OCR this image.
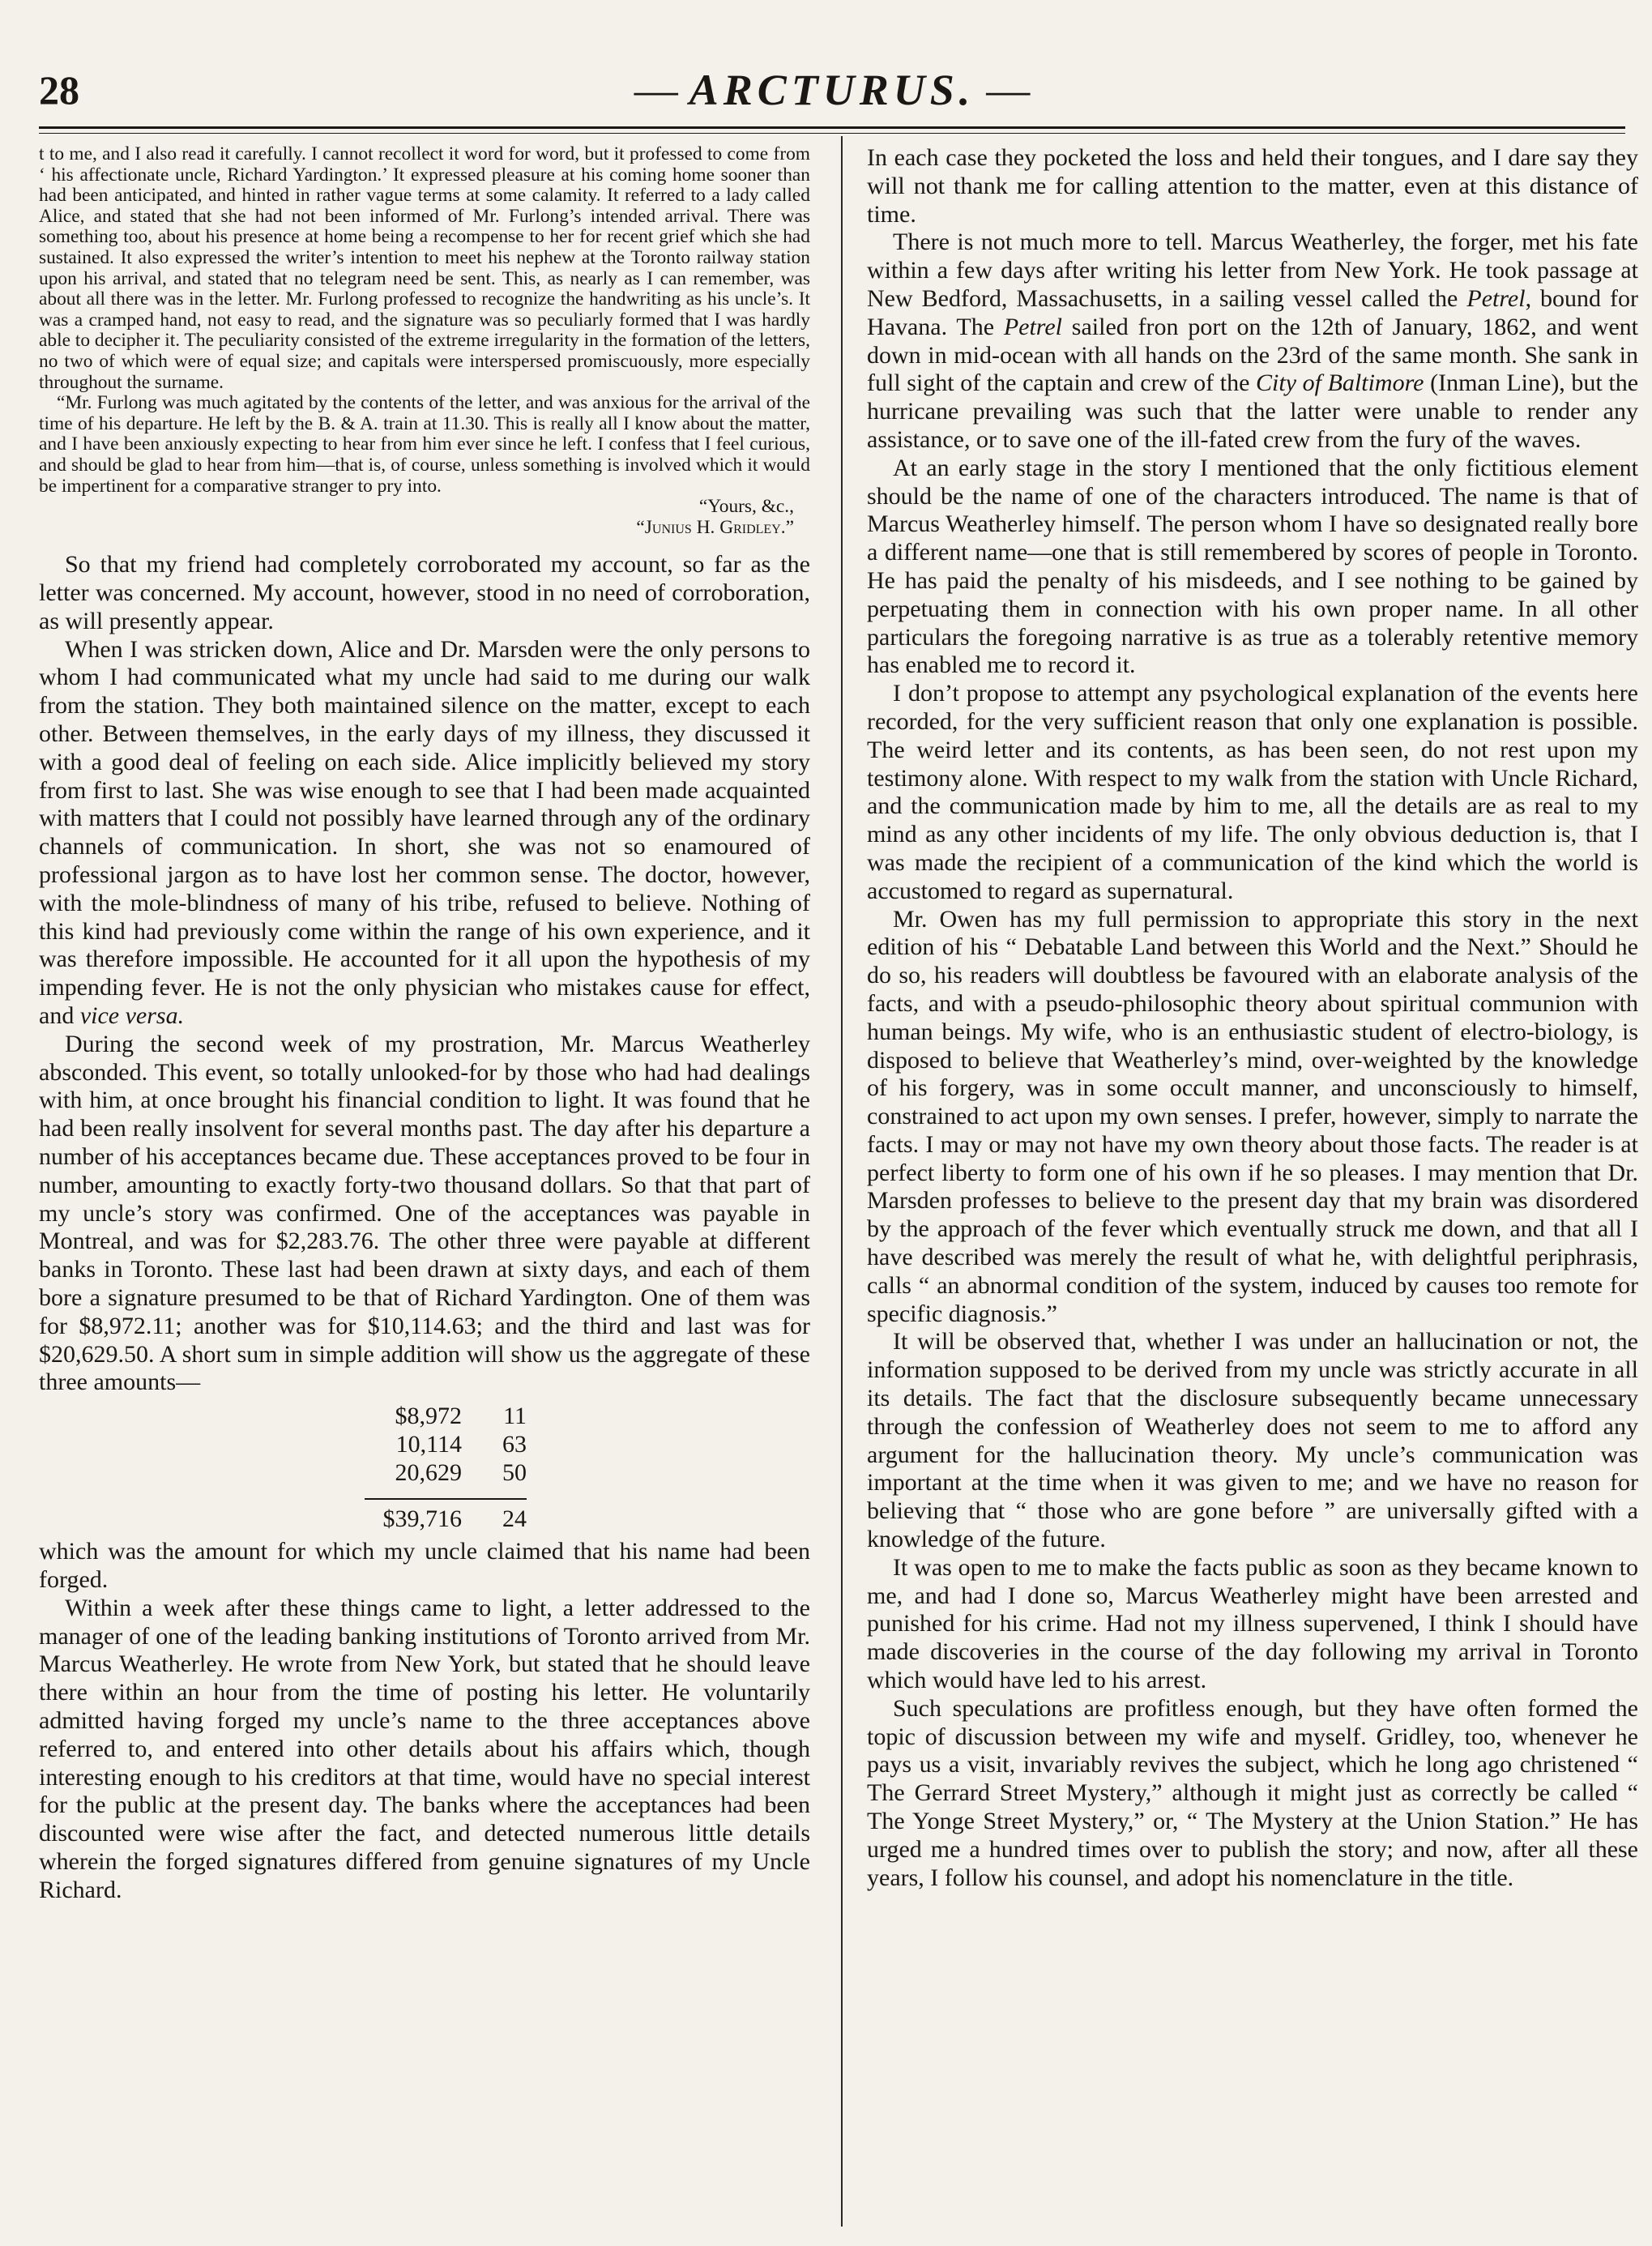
28	— ARCTURUS. —

t to me, and I also read it carefully. I cannot recollect it word for word, but it professed to come from ‘ his affectionate uncle, Richard Yardington.’ It expressed pleasure at his coming home sooner than had been anticipated, and hinted in rather vague terms at some calamity. It referred to a lady called Alice, and stated that she had not been informed of Mr. Furlong’s intended arrival. There was something too, about his presence at home being a recompense to her for recent grief which she had sustained. It also expressed the writer’s intention to meet his nephew at the Toronto railway station upon his arrival, and stated that no telegram need be sent. This, as nearly as I can remember, was about all there was in the letter. Mr. Furlong professed to recognize the handwriting as his uncle’s. It was a cramped hand, not easy to read, and the signature was so peculiarly formed that I was hardly able to decipher it. The peculiarity consisted of the extreme irregularity in the formation of the letters, no two of which were of equal size; and capitals were interspersed promiscuously, more especially throughout the surname.

“Mr. Furlong was much agitated by the contents of the letter, and was anxious for the arrival of the time of his departure. He left by the B. & A. train at 11.30. This is really all I know about the matter, and I have been anxiously expecting to hear from him ever since he left. I confess that I feel curious, and should be glad to hear from him—that is, of course, unless something is involved which it would be impertinent for a comparative stranger to pry into.

“Yours, &c.,

“Junius H. Gridley.”

So that my friend had completely corroborated my account, so far as the letter was concerned. My account, however, stood in no need of corroboration, as will presently appear.

When I was stricken down, Alice and Dr. Marsden were the only persons to whom I had communicated what my uncle had said to me during our walk from the station. They both maintained silence on the matter, except to each other. Between themselves, in the early days of my illness, they discussed it with a good deal of feeling on each side. Alice implicitly believed my story from first to last. She was wise enough to see that I had been made acquainted with matters that I could not possibly have learned through any of the ordinary channels of communication. In short, she was not so enamoured of professional jargon as to have lost her common sense. The doctor, however, with the mole-blindness of many of his tribe, refused to believe. Nothing of this kind had previously come within the range of his own experience, and it was therefore impossible. He accounted for it all upon the hypothesis of my impending fever. He is not the only physician who mistakes cause for effect, and vice versa.

During the second week of my prostration, Mr. Marcus Weatherley absconded. This event, so totally unlooked-for by those who had had dealings with him, at once brought his financial condition to light. It was found that he had been really insolvent for several months past. The day after his departure a number of his acceptances became due. These acceptances proved to be four in number, amounting to exactly forty-two thousand dollars. So that that part of my uncle’s story was confirmed. One of the acceptances was payable in Montreal, and was for $2,283.76. The other three were payable at different banks in Toronto. These last had been drawn at sixty days, and each of them bore a signature presumed to be that of Richard Yardington. One of them was for $8,972.11; another was for $10,114.63; and the third and last was for $20,629.50. A short sum in simple addition will show us the aggregate of these three amounts—

$8,972	11
10,114	63
20,629	50
$39,716	24

which was the amount for which my uncle claimed that his name had been forged.

Within a week after these things came to light, a letter addressed to the manager of one of the leading banking institutions of Toronto arrived from Mr. Marcus Weatherley. He wrote from New York, but stated that he should leave there within an hour from the time of posting his letter. He voluntarily admitted having forged my uncle’s name to the three acceptances above referred to, and entered into other details about his affairs which, though interesting enough to his creditors at that time, would have no special interest for the public at the present day. The banks where the acceptances had been discounted were wise after the fact, and detected numerous little details wherein the forged signatures differed from genuine signatures of my Uncle Richard.

In each case they pocketed the loss and held their tongues, and I dare say they will not thank me for calling attention to the matter, even at this distance of time.

There is not much more to tell. Marcus Weatherley, the forger, met his fate within a few days after writing his letter from New York. He took passage at New Bedford, Massachusetts, in a sailing vessel called the Petrel, bound for Havana. The Petrel sailed fron port on the 12th of January, 1862, and went down in mid-ocean with all hands on the 23rd of the same month. She sank in full sight of the captain and crew of the City of Baltimore (Inman Line), but the hurricane prevailing was such that the latter were unable to render any assistance, or to save one of the ill-fated crew from the fury of the waves.

At an early stage in the story I mentioned that the only fictitious element should be the name of one of the characters introduced. The name is that of Marcus Weatherley himself. The person whom I have so designated really bore a different name—one that is still remembered by scores of people in Toronto. He has paid the penalty of his misdeeds, and I see nothing to be gained by perpetuating them in connection with his own proper name. In all other particulars the foregoing narrative is as true as a tolerably retentive memory has enabled me to record it.

I don’t propose to attempt any psychological explanation of the events here recorded, for the very sufficient reason that only one explanation is possible. The weird letter and its contents, as has been seen, do not rest upon my testimony alone. With respect to my walk from the station with Uncle Richard, and the communication made by him to me, all the details are as real to my mind as any other incidents of my life. The only obvious deduction is, that I was made the recipient of a communication of the kind which the world is accustomed to regard as supernatural.

Mr. Owen has my full permission to appropriate this story in the next edition of his “ Debatable Land between this World and the Next.” Should he do so, his readers will doubtless be favoured with an elaborate analysis of the facts, and with a pseudo-philosophic theory about spiritual communion with human beings. My wife, who is an enthusiastic student of electro-biology, is disposed to believe that Weatherley’s mind, over-weighted by the knowledge of his forgery, was in some occult manner, and unconsciously to himself, constrained to act upon my own senses. I prefer, however, simply to narrate the facts. I may or may not have my own theory about those facts. The reader is at perfect liberty to form one of his own if he so pleases. I may mention that Dr. Marsden professes to believe to the present day that my brain was disordered by the approach of the fever which eventually struck me down, and that all I have described was merely the result of what he, with delightful periphrasis, calls “ an abnormal condition of the system, induced by causes too remote for specific diagnosis.”

It will be observed that, whether I was under an hallucination or not, the information supposed to be derived from my uncle was strictly accurate in all its details. The fact that the disclosure subsequently became unnecessary through the confession of Weatherley does not seem to me to afford any argument for the hallucination theory. My uncle’s communication was important at the time when it was given to me; and we have no reason for believing that “ those who are gone before ” are universally gifted with a knowledge of the future.

It was open to me to make the facts public as soon as they became known to me, and had I done so, Marcus Weatherley might have been arrested and punished for his crime. Had not my illness supervened, I think I should have made discoveries in the course of the day following my arrival in Toronto which would have led to his arrest.

Such speculations are profitless enough, but they have often formed the topic of discussion between my wife and myself. Gridley, too, whenever he pays us a visit, invariably revives the subject, which he long ago christened “ The Gerrard Street Mystery,” although it might just as correctly be called “ The Yonge Street Mystery,” or, “ The Mystery at the Union Station.” He has urged me a hundred times over to publish the story; and now, after all these years, I follow his counsel, and adopt his nomenclature in the title.
